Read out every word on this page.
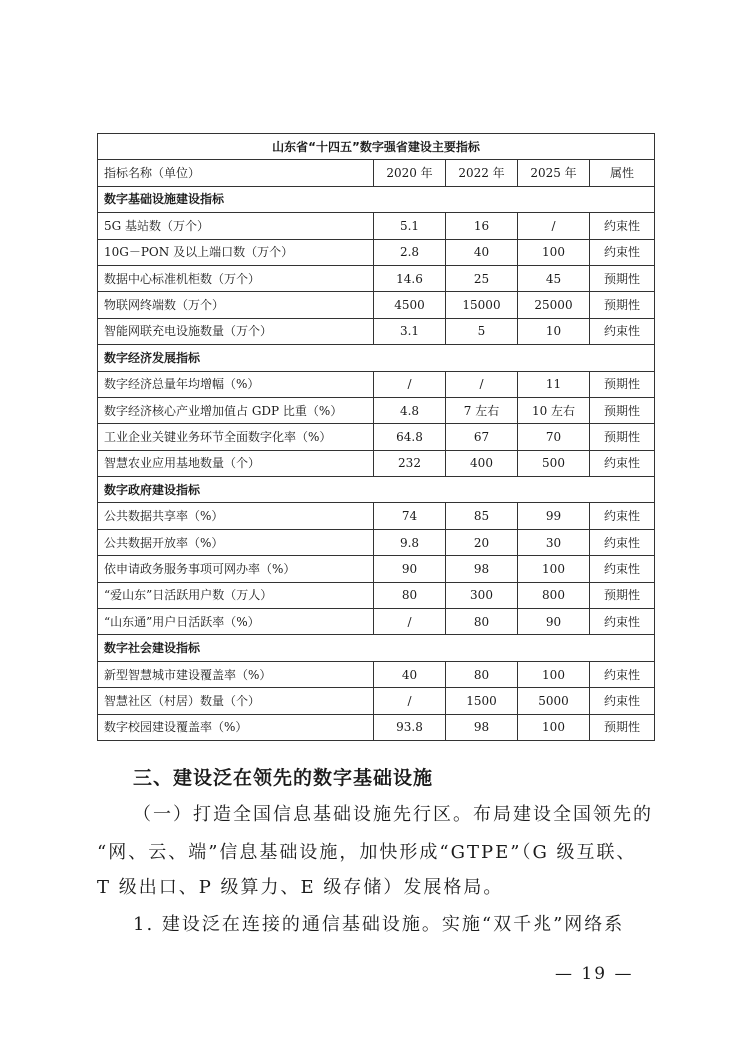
山东省“十四五”数字强省建设主要指标				
指标名称（单位）	2020 年	2022 年	2025 年	属性
数字基础设施建设指标				
5G 基站数（万个）	5.1	16	/	约束性
10G－PON 及以上端口数（万个）	2.8	40	100	约束性
数据中心标准机柜数（万个）	14.6	25	45	预期性
物联网终端数（万个）	4500	15000	25000	预期性
智能网联充电设施数量（万个）	3.1	5	10	约束性
数字经济发展指标				
数字经济总量年均增幅（%）	/	/	11	预期性
数字经济核心产业增加值占 GDP 比重（%）	4.8	7 左右	10 左右	预期性
工业企业关键业务环节全面数字化率（%）	64.8	67	70	预期性
智慧农业应用基地数量（个）	232	400	500	约束性
数字政府建设指标				
公共数据共享率（%）	74	85	99	约束性
公共数据开放率（%）	9.8	20	30	约束性
依申请政务服务事项可网办率（%）	90	98	100	约束性
“爱山东”日活跃用户数（万人）	80	300	800	预期性
“山东通”用户日活跃率（%）	/	80	90	约束性
数字社会建设指标				
新型智慧城市建设覆盖率（%）	40	80	100	约束性
智慧社区（村居）数量（个）	/	1500	5000	约束性
数字校园建设覆盖率（%）	93.8	98	100	预期性
三、建设泛在领先的数字基础设施
（一）打造全国信息基础设施先行区。布局建设全国领先的
“网、云、端”信息基础设施，加快形成“GTPE”（G 级互联、
T 级出口、P 级算力、E 级存储）发展格局。
1. 建设泛在连接的通信基础设施。实施“双千兆”网络系
— 19 —
